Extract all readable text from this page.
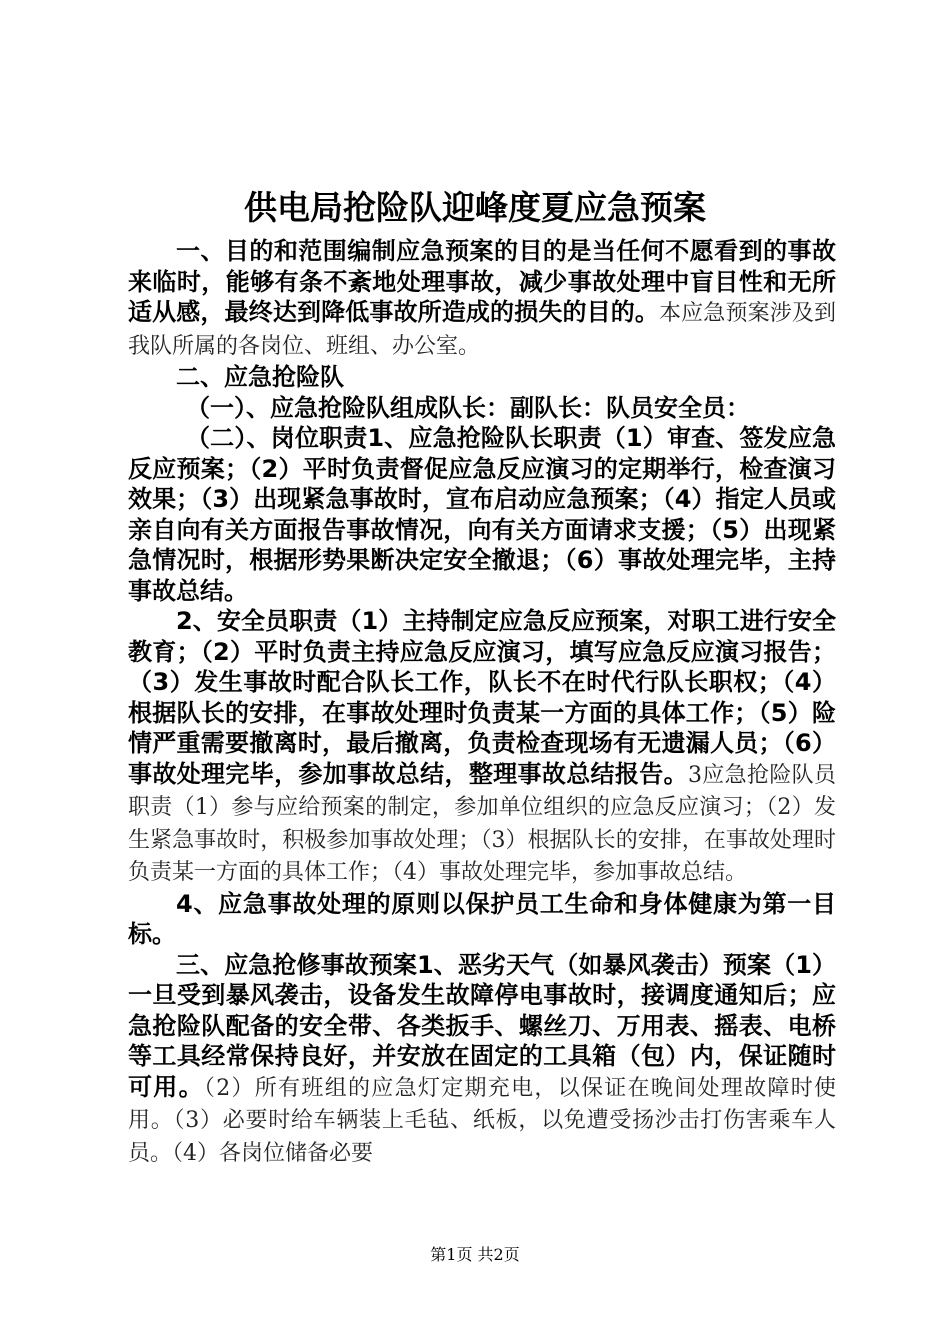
供电局抢险队迎峰度夏应急预案

一、目的和范围编制应急预案的目的是当任何不愿看到的事故来临时，能够有条不紊地处理事故，减少事故处理中盲目性和无所适从感，最终达到降低事故所造成的损失的目的。本应急预案涉及到我队所属的各岗位、班组、办公室。

二、应急抢险队

（一）、应急抢险队组成队长：副队长：队员安全员：

（二）、岗位职责1、应急抢险队长职责（1）审查、签发应急反应预案；（2）平时负责督促应急反应演习的定期举行，检查演习效果；（3）出现紧急事故时，宣布启动应急预案；（4）指定人员或亲自向有关方面报告事故情况，向有关方面请求支援；（5）出现紧急情况时，根据形势果断决定安全撤退；（6）事故处理完毕，主持事故总结。

2、安全员职责（1）主持制定应急反应预案，对职工进行安全教育；（2）平时负责主持应急反应演习，填写应急反应演习报告；（3）发生事故时配合队长工作，队长不在时代行队长职权；（4）根据队长的安排，在事故处理时负责某一方面的具体工作；（5）险情严重需要撤离时，最后撤离，负责检查现场有无遗漏人员；（6）事故处理完毕，参加事故总结，整理事故总结报告。3应急抢险队员职责（1）参与应给预案的制定，参加单位组织的应急反应演习；（2）发生紧急事故时，积极参加事故处理；（3）根据队长的安排，在事故处理时负责某一方面的具体工作；（4）事故处理完毕，参加事故总结。

4、应急事故处理的原则以保护员工生命和身体健康为第一目标。

三、应急抢修事故预案1、恶劣天气（如暴风袭击）预案（1）一旦受到暴风袭击，设备发生故障停电事故时，接调度通知后；应急抢险队配备的安全带、各类扳手、螺丝刀、万用表、摇表、电桥等工具经常保持良好，并安放在固定的工具箱（包）内，保证随时可用。（2）所有班组的应急灯定期充电，以保证在晚间处理故障时使用。（3）必要时给车辆装上毛毡、纸板，以免遭受扬沙击打伤害乘车人员。（4）各岗位储备必要

第1页 共2页
